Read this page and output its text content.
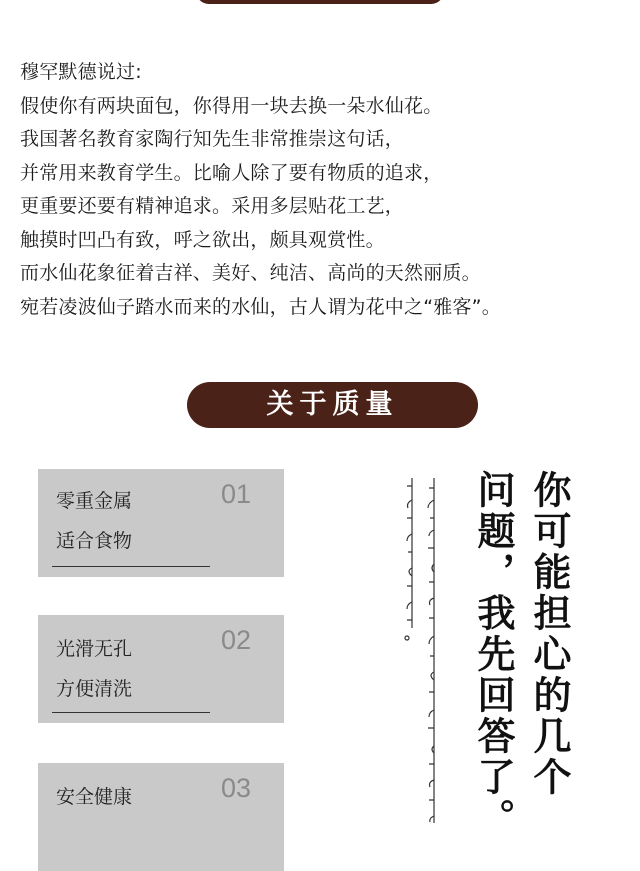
穆罕默德说过:
假使你有两块面包，你得用一块去换一朵水仙花。
我国著名教育家陶行知先生非常推崇这句话，
并常用来教育学生。比喻人除了要有物质的追求，
更重要还要有精神追求。采用多层贴花工艺，
触摸时凹凸有致，呼之欲出，颇具观赏性。
而水仙花象征着吉祥、美好、纯洁、高尚的天然丽质。
宛若凌波仙子踏水而来的水仙，古人谓为花中之“雅客”。
关于质量
零重金属
适合食物
01
光滑无孔
方便清洗
02
安全健康	03	你可能担心的几个
问题，我先回答了。
